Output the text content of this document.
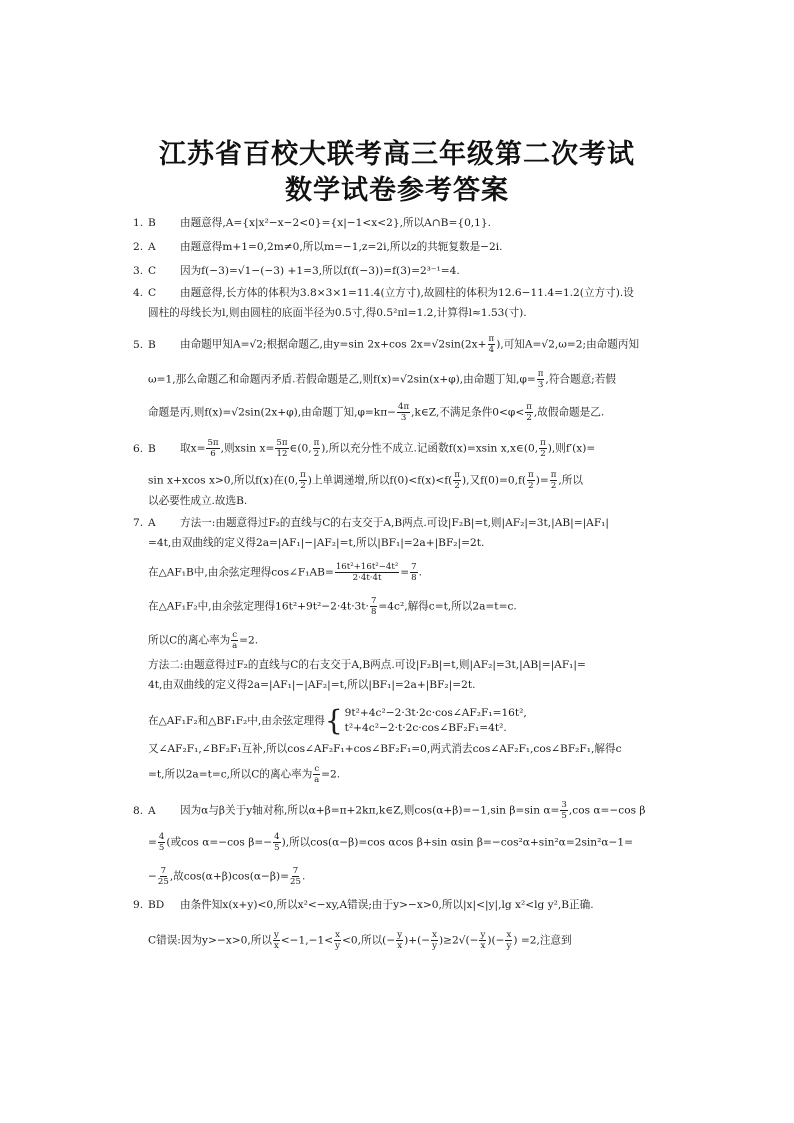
江苏省百校大联考高三年级第二次考试
数学试卷参考答案
1. B 由题意得,A={x|x²−x−2<0}={x|−1<x<2},所以A∩B={0,1}.
2. A 由题意得m+1=0,2m≠0,所以m=−1,z=2i,所以z的共轭复数是−2i.
3. C 因为f(−3)=√1−(−3) +1=3,所以f(f(−3))=f(3)=2³⁻¹=4.
4. C 由题意得,长方体的体积为3.8×3×1=11.4(立方寸),故圆柱的体积为12.6−11.4=1.2(立方寸).设
圆柱的母线长为l,则由圆柱的底面半径为0.5寸,得0.5²πl=1.2,计算得l≈1.53(寸).
5. B 由命题甲知A=√2;根据命题乙,由y=sin 2x+cos $2x=√2\sin(2x+ \frac{\pi}{4}$ ),可知A=√2,ω=2;由命题丙知
ω=1,那么命题乙和命题丙矛盾.若假命题是乙,则f(x)=√2sin(x+φ),由命题丁知$,\varphi= \frac{\pi}{3}$ ,符合题意;若假
命题是丙,则f(x)=√2sin(2x+φ),由命题丁知$,\varphi=k\pi- \frac{4\pi}{3}$ ,k∈Z,不满足条件$0<\varphi< \frac{\pi}{2}$ ,故假命题是乙.
6. B 取$x= \frac{5\pi}{6}$ ,则xsin $x= \frac{5\pi}{12}$ ∈(0, $\frac{\pi}{2}$ ),所以充分性不成立.记函数f(x)=xsin x,x∈(0, $\frac{\pi}{2}$ ),则f′(x)=
sin x+xcos x>0,所以f(x)在(0, $\frac{\pi}{2}$ )上单调递增,所以$f(0)<f(x)<f( \frac{\pi}{2}$ ),又$f(0)=0,f( \frac{\pi}{2}$ )= $\frac{\pi}{2}$ ,所以
以必要性成立.故选B.
7. A 方法一:由题意得过F₂的直线与C的右支交于A,B两点.可设|F₂B|=t,则|AF₂|=3t,|AB|=|AF₁|
=4t,由双曲线的定义得2a=|AF₁|−|AF₂|=t,所以|BF₁|=2a+|BF₂|=2t.
在△AF₁B中,由余弦定理得cos∠F₁AB= $\frac{\text{16t²+16t²−4t²}}{2\cdot 4t\cdot 4t} = \frac{7}{8}$ .
在△AF₁F₂中,由余弦定理得$16t^2+9t^2-2\cdot 4t\cdot 3t\cdot \frac{7}{8} =4c^2$,解得c=t,所以2a=t=c.
所以C的离心率为 $\frac{c}{a} =2$.
方法二:由题意得过F₂的直线与C的右支交于A,B两点.可设|F₂B|=t,则|AF₂|=3t,|AB|=|AF₁|=
4t,由双曲线的定义得2a=|AF₁|−|AF₂|=t,所以|BF₁|=2a+|BF₂|=2t.
在△AF₁F₂和△BF₁F₂中,由余弦定理得{ 9t²+4c²−2·3t·2c·cos∠AF₂F₁=16t²,
t²+4c²−2·t·2c·cos∠BF₂F₁=4t².
又∠AF₂F₁,∠BF₂F₁互补,所以cos∠AF₂F₁+cos∠BF₂F₁=0,两式消去cos∠AF₂F₁,cos∠BF₂F₁,解得c
=t,所以2a=t=c,所以C的离心率为 $\frac{c}{a} =2$.
8. A 因为α与β关于y轴对称,所以α+β=π+2kπ,k∈Z,则cos(α+β)=−1,sin β=sin $\alpha= \frac{3}{5} ,\cos$ α=−cos β
= $\frac{4}{5}$ (或cos α=−cos $\beta=- \frac{4}{5}$ ),所以cos(α−β)=cos αcos β+sin αsin β=−cos²α+sin²α=2sin²α−1=
− $\frac{7}{25}$ ,故$\cos(\alpha+\beta)\cos(\alpha-\beta)= \frac{7}{25}$ .
9. BD 由条件知x(x+y)<0,所以x²<−xy,A错误;由于y>−x>0,所以|x|<|y|,lg x²<lg y²,B正确.
C错误:因为y>−x>0,所以 $\frac{y}{x} <-1,-1< \frac{x}{y} <0$,所以(− $\frac{y}{x}$ )+(− $\frac{x}{y} )\ge 2√(- \frac{y}{x}$ )(− $\frac{x}{y}$ ) =2,注意到
